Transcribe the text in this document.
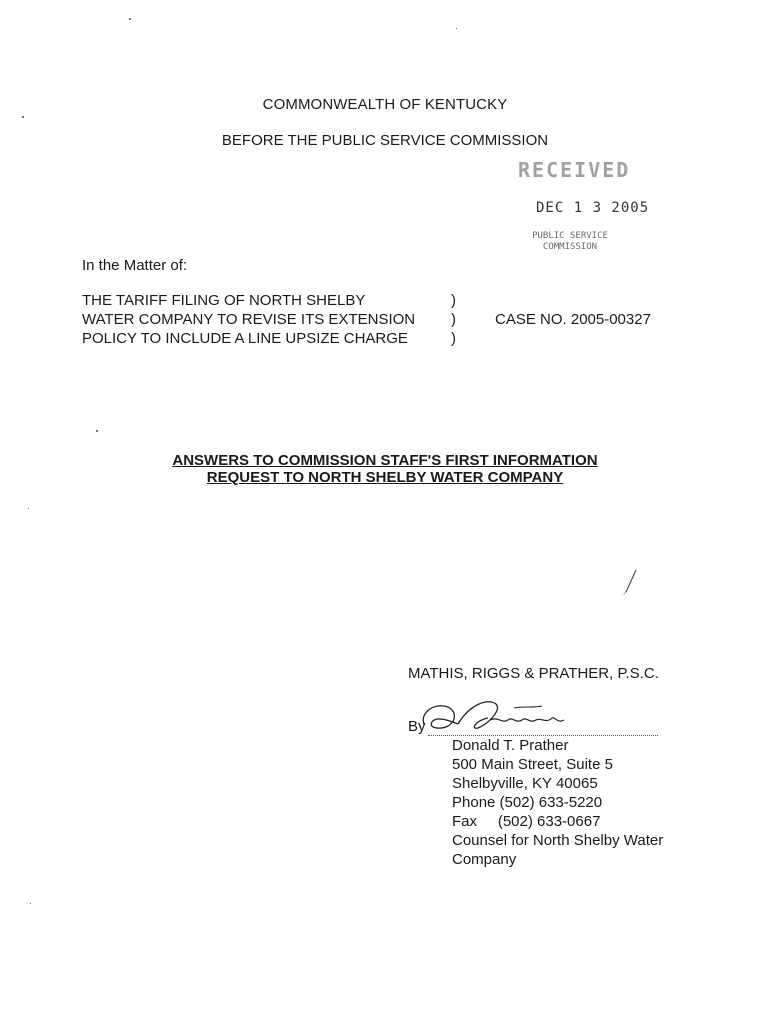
COMMONWEALTH OF KENTUCKY
BEFORE THE PUBLIC SERVICE COMMISSION
RECEIVED
DEC 1 3 2005
PUBLIC SERVICE
COMMISSION
In the Matter of:
THE TARIFF FILING OF NORTH SHELBY
WATER COMPANY TO REVISE ITS EXTENSION
POLICY TO INCLUDE A LINE UPSIZE CHARGE
)
)
)
CASE NO. 2005-00327
ANSWERS TO COMMISSION STAFF'S FIRST INFORMATION
REQUEST TO NORTH SHELBY WATER COMPANY
MATHIS, RIGGS & PRATHER, P.S.C.
By
Donald T. Prather
500 Main Street, Suite 5
Shelbyville, KY 40065
Phone (502) 633-5220
Fax     (502) 633-0667
Counsel for North Shelby Water
Company
